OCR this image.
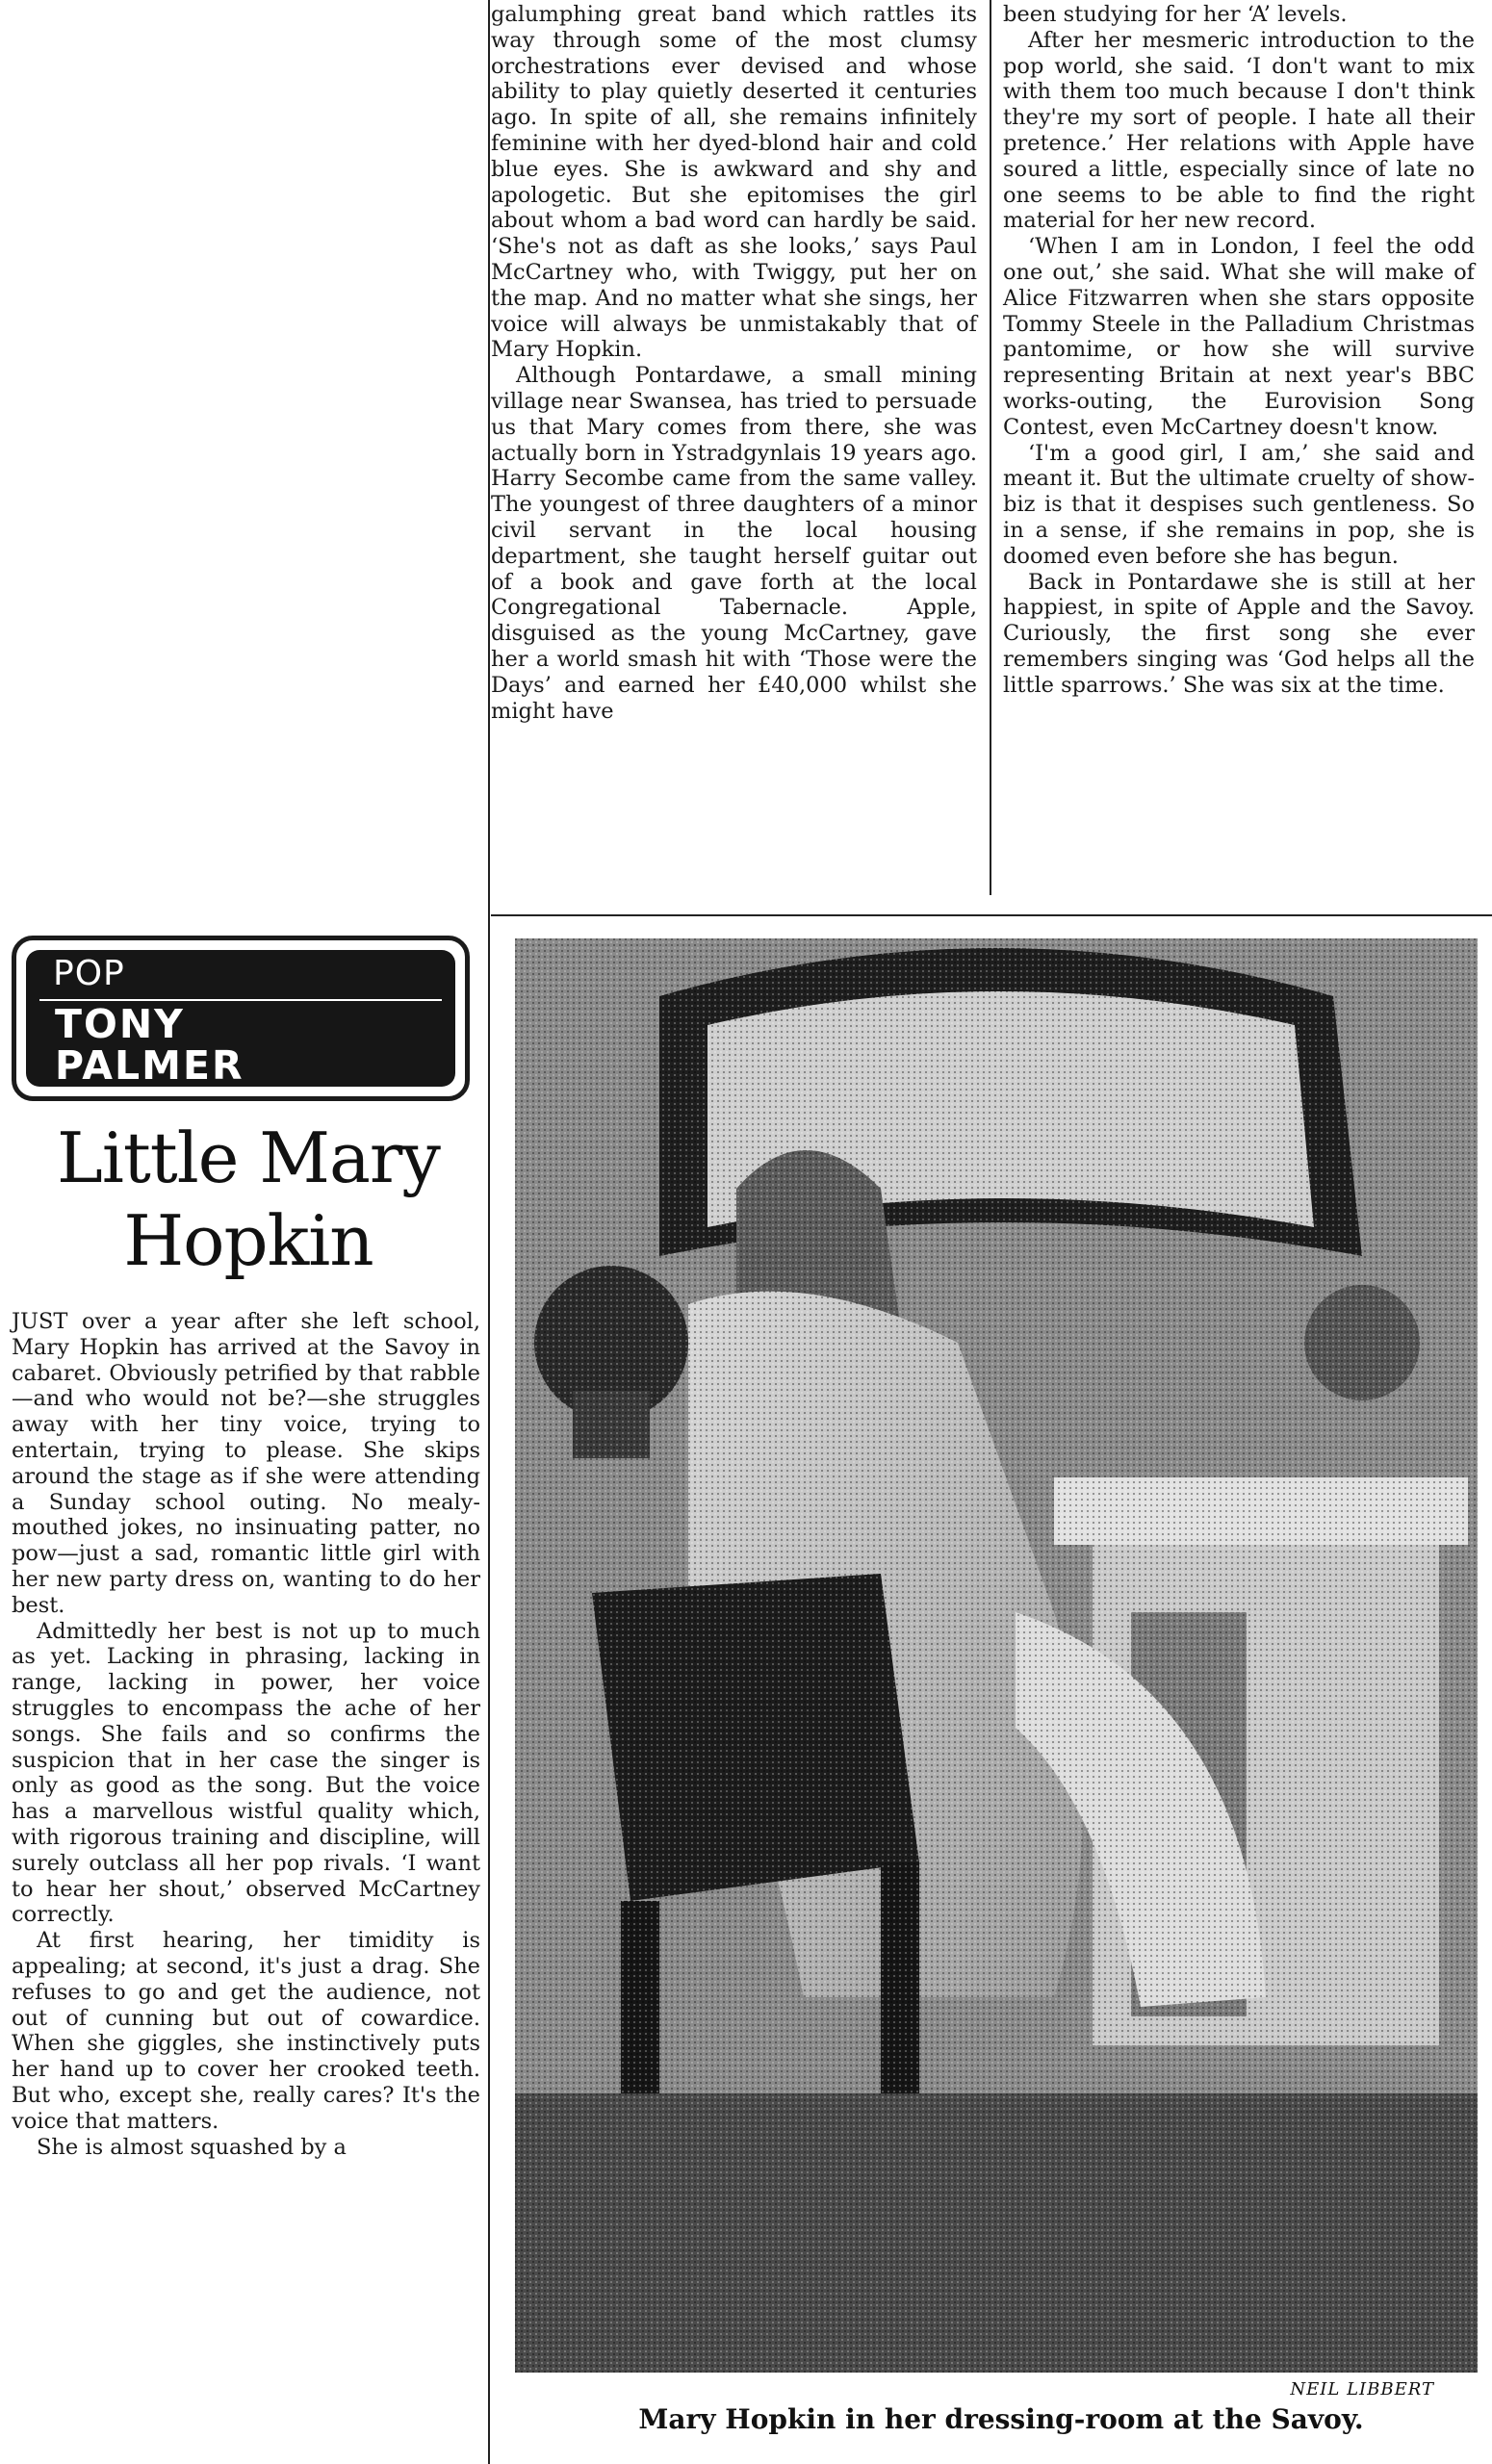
galumphing great band which rattles its way through some of the most clumsy orchestrations ever devised and whose ability to play quietly deserted it centuries ago. In spite of all, she remains infinitely feminine with her dyed-blond hair and cold blue eyes. She is awkward and shy and apologetic. But she epitomises the girl about whom a bad word can hardly be said. ‘She's not as daft as she looks,’ says Paul McCartney who, with Twiggy, put her on the map. And no matter what she sings, her voice will always be unmistakably that of Mary Hopkin.

Although Pontardawe, a small mining village near Swansea, has tried to persuade us that Mary comes from there, she was actually born in Ystradgynlais 19 years ago. Harry Secombe came from the same valley. The youngest of three daughters of a minor civil servant in the local housing department, she taught herself guitar out of a book and gave forth at the local Congregational Tabernacle. Apple, disguised as the young McCartney, gave her a world smash hit with ‘Those were the Days’ and earned her £40,000 whilst she might have

been studying for her ‘A’ levels.

After her mesmeric introduction to the pop world, she said. ‘I don't want to mix with them too much because I don't think they're my sort of people. I hate all their pretence.’ Her relations with Apple have soured a little, especially since of late no one seems to be able to find the right material for her new record.

‘When I am in London, I feel the odd one out,’ she said. What she will make of Alice Fitzwarren when she stars opposite Tommy Steele in the Palladium Christmas pantomime, or how she will survive representing Britain at next year's BBC works-outing, the Eurovision Song Contest, even McCartney doesn't know.

‘I'm a good girl, I am,’ she said and meant it. But the ultimate cruelty of show-biz is that it despises such gentleness. So in a sense, if she remains in pop, she is doomed even before she has begun.

Back in Pontardawe she is still at her happiest, in spite of Apple and the Savoy. Curiously, the first song she ever remembers singing was ‘God helps all the little sparrows.’ She was six at the time.

POP
TONY PALMER
Little Mary Hopkin

JUST over a year after she left school, Mary Hopkin has arrived at the Savoy in cabaret. Obviously petrified by that rabble—and who would not be?—she struggles away with her tiny voice, trying to entertain, trying to please. She skips around the stage as if she were attending a Sunday school outing. No mealy-mouthed jokes, no insinuating patter, no pow—just a sad, romantic little girl with her new party dress on, wanting to do her best.

Admittedly her best is not up to much as yet. Lacking in phrasing, lacking in range, lacking in power, her voice struggles to encompass the ache of her songs. She fails and so confirms the suspicion that in her case the singer is only as good as the song. But the voice has a marvellous wistful quality which, with rigorous training and discipline, will surely outclass all her pop rivals. ‘I want to hear her shout,’ observed McCartney correctly.

At first hearing, her timidity is appealing; at second, it's just a drag. She refuses to go and get the audience, not out of cunning but out of cowardice. When she giggles, she instinctively puts her hand up to cover her crooked teeth. But who, except she, really cares? It's the voice that matters.

She is almost squashed by a

NEIL LIBBERT
Mary Hopkin in her dressing-room at the Savoy.
